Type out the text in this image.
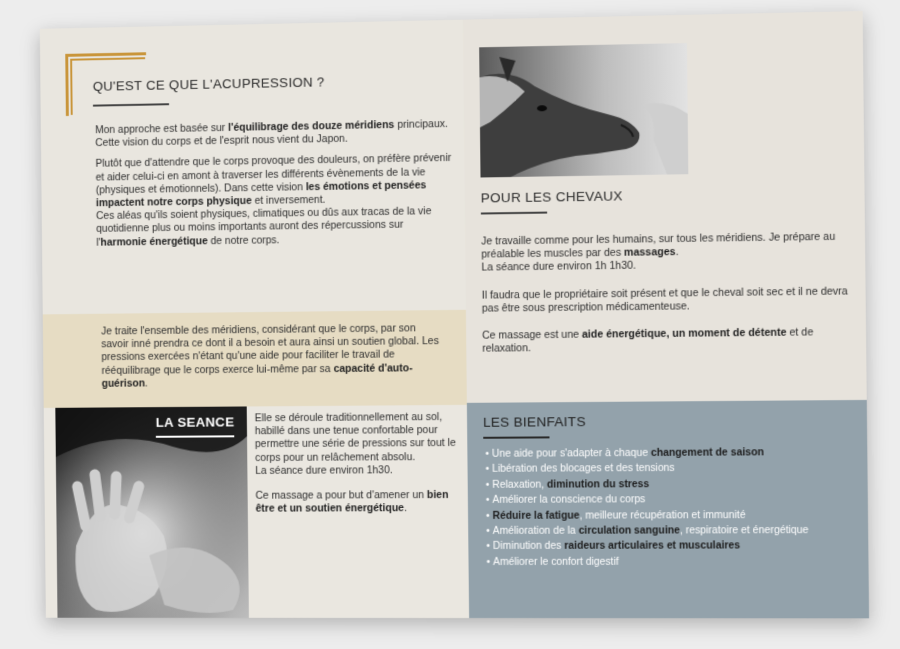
QU'EST CE QUE L'ACUPRESSION ?

Mon approche est basée sur l'équilibrage des douze méridiens principaux. Cette vision du corps et de l'esprit nous vient du Japon.

Plutôt que d'attendre que le corps provoque des douleurs, on préfère prévenir et aider celui-ci en amont à traverser les différents évènements de la vie (physiques et émotionnels). Dans cette vision les émotions et pensées impactent notre corps physique et inversement.

Ces aléas qu'ils soient physiques, climatiques ou dûs aux tracas de la vie quotidienne plus ou moins importants auront des répercussions sur l'harmonie énergétique de notre corps.

Je traite l'ensemble des méridiens, considérant que le corps, par son savoir inné prendra ce dont il a besoin et aura ainsi un soutien global. Les pressions exercées n'étant qu'une aide pour faciliter le travail de rééquilibrage que le corps exerce lui-même par sa capacité d'auto-guérison.

LA SEANCE Elle se déroule traditionnellement au sol, habillé dans une tenue confortable pour permettre une série de pressions sur tout le corps pour un relâchement absolu.

La séance dure environ 1h30.

Ce massage a pour but d'amener un bien être et un soutien énergétique.

POUR LES CHEVAUX

Je travaille comme pour les humains, sur tous les méridiens. Je prépare au préalable les muscles par des massages.

La séance dure environ 1h 1h30.

Il faudra que le propriétaire soit présent et que le cheval soit sec et il ne devra pas être sous prescription médicamenteuse.

Ce massage est une aide énergétique, un moment de détente et de relaxation.

LES BIENFAITS
• Une aide pour s'adapter à chaque changement de saison
• Libération des blocages et des tensions
• Relaxation, diminution du stress
• Améliorer la conscience du corps
• Réduire la fatigue, meilleure récupération et immunité
• Amélioration de la circulation sanguine, respiratoire et énergétique
• Diminution des raideurs articulaires et musculaires
• Améliorer le confort digestif
